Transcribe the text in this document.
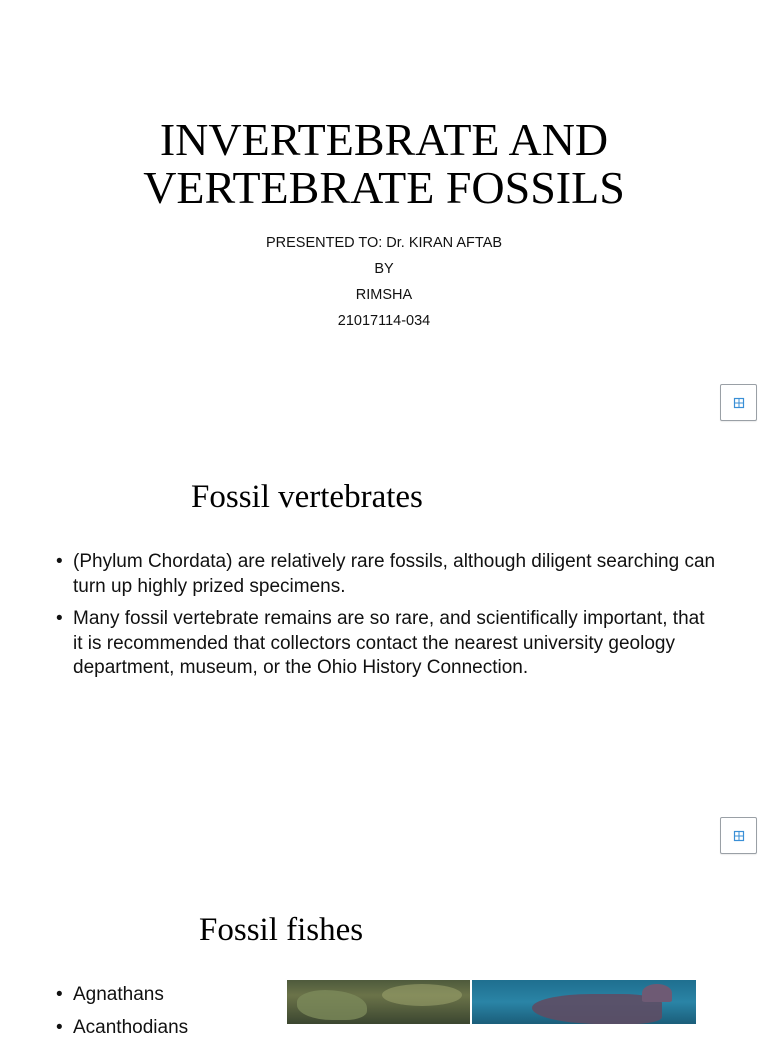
INVERTEBRATE AND
VERTEBRATE FOSSILS
PRESENTED TO: Dr. KIRAN AFTAB
BY
RIMSHA
21017114-034
Fossil vertebrates
• (Phylum Chordata) are relatively rare fossils, although diligent searching can turn up highly prized specimens.
• Many fossil vertebrate remains are so rare, and scientifically important, that it is recommended that collectors contact the nearest university geology department, museum, or the Ohio History Connection.
Fossil fishes
• Agnathans
• Acanthodians
